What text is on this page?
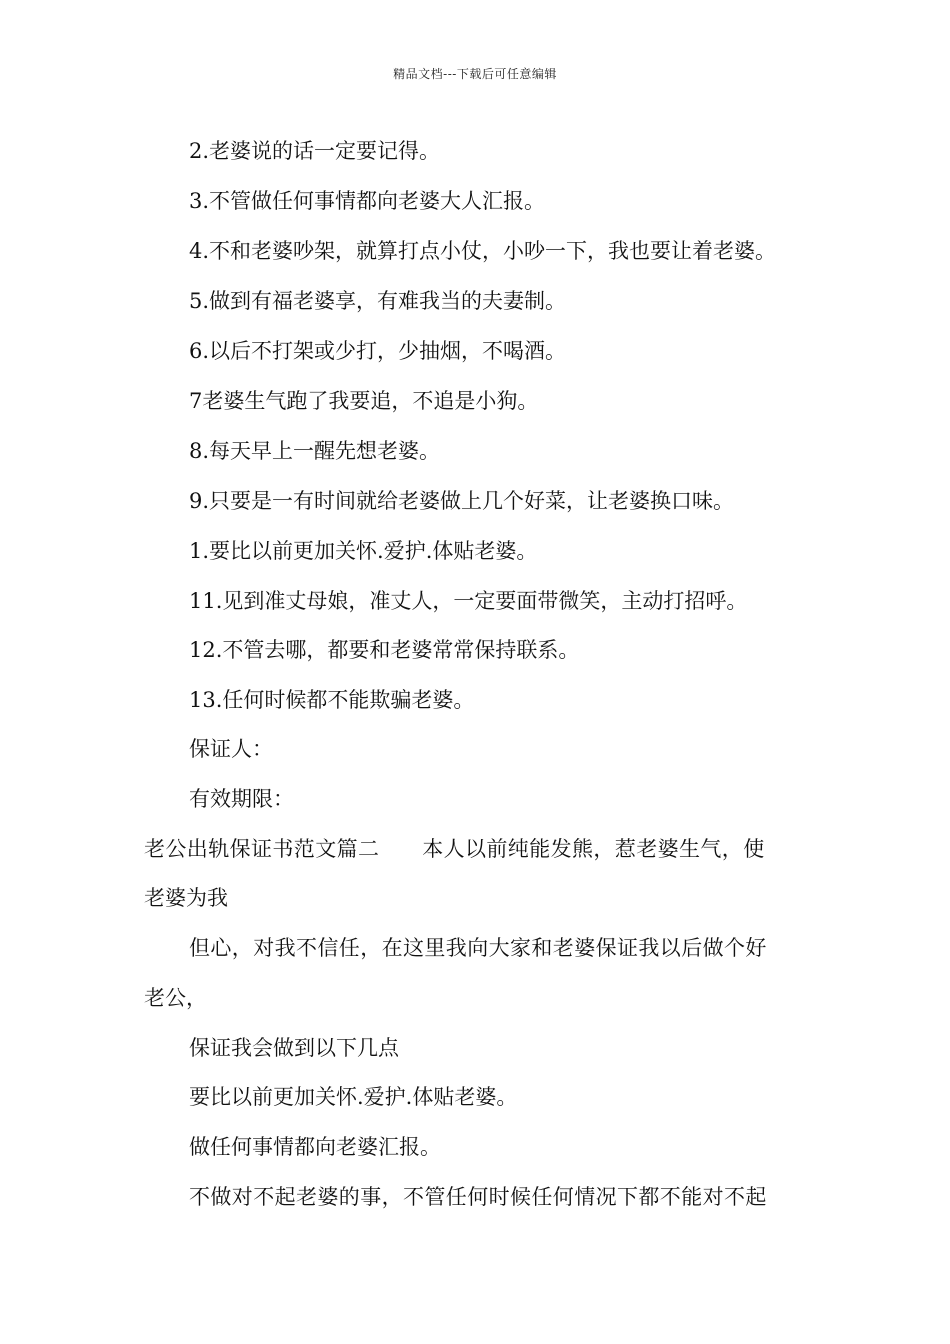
精品文档---下载后可任意编辑
2.老婆说的话一定要记得。
3.不管做任何事情都向老婆大人汇报。
4.不和老婆吵架，就算打点小仗，小吵一下，我也要让着老婆。
5.做到有福老婆享，有难我当的夫妻制。
6.以后不打架或少打，少抽烟，不喝酒。
7老婆生气跑了我要追，不追是小狗。
8.每天早上一醒先想老婆。
9.只要是一有时间就给老婆做上几个好菜，让老婆换口味。
1.要比以前更加关怀.爱护.体贴老婆。
11.见到准丈母娘，准丈人，一定要面带微笑，主动打招呼。
12.不管去哪，都要和老婆常常保持联系。
13.任何时候都不能欺骗老婆。
保证人：
有效期限：
老公出轨保证书范文篇二　　本人以前纯能发熊，惹老婆生气，使
老婆为我
但心，对我不信任，在这里我向大家和老婆保证我以后做个好
老公，
保证我会做到以下几点
要比以前更加关怀.爱护.体贴老婆。
做任何事情都向老婆汇报。
不做对不起老婆的事，不管任何时候任何情况下都不能对不起
